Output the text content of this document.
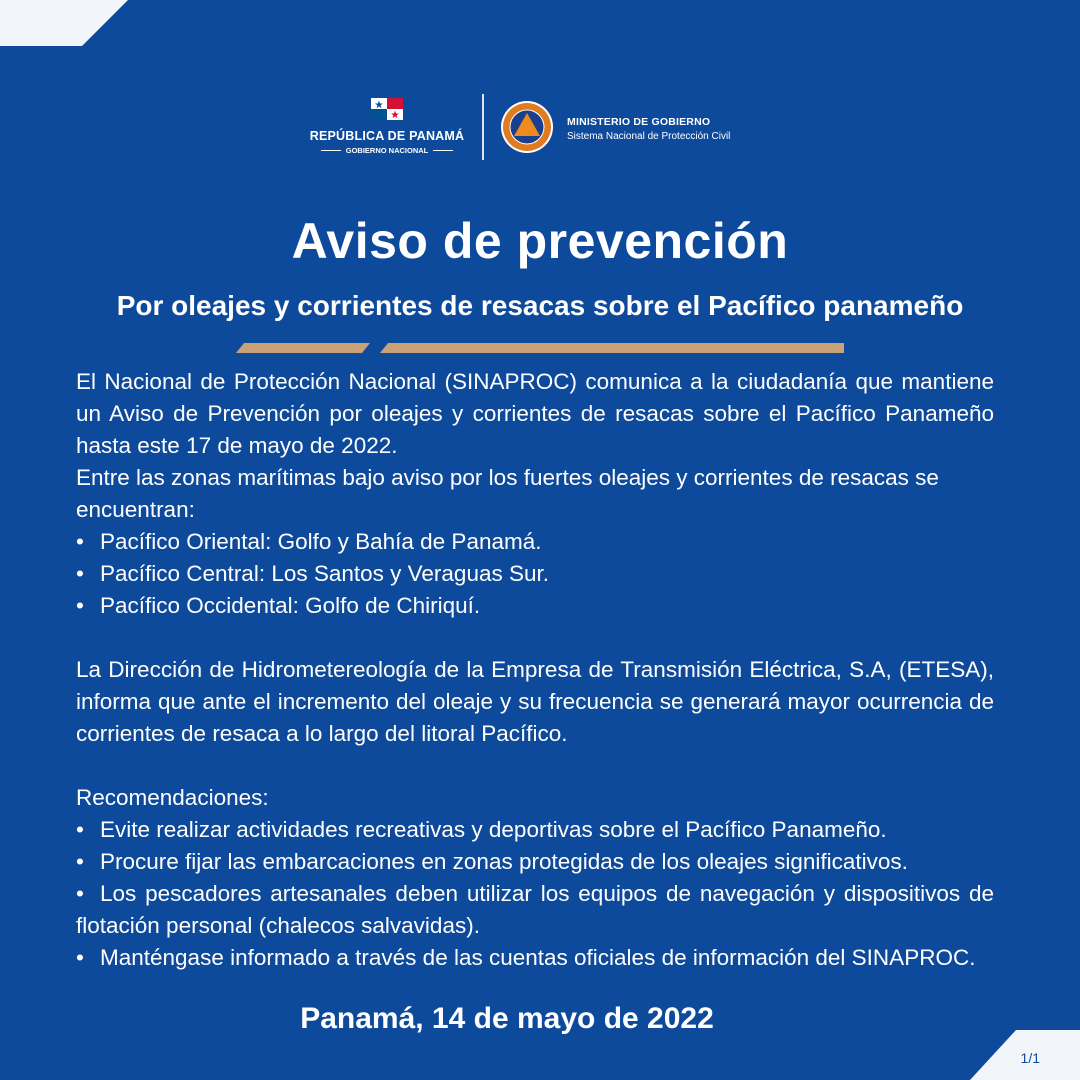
REPÚBLICA DE PANAMÁ
GOBIERNO NACIONAL
MINISTERIO DE GOBIERNO
Sistema Nacional de Protección Civil
Aviso de prevención
Por oleajes y corrientes de resacas sobre el Pacífico panameño

El Nacional de Protección Nacional (SINAPROC) comunica a la ciudadanía que mantiene un Aviso de Prevención por oleajes y corrientes de resacas sobre el Pacífico Panameño hasta este 17 de mayo de 2022.

Entre las zonas marítimas bajo aviso por los fuertes oleajes y corrientes de resacas se encuentran:

• Pacífico Oriental: Golfo y Bahía de Panamá.

• Pacífico Central: Los Santos y Veraguas Sur.

• Pacífico Occidental: Golfo de Chiriquí.

La Dirección de Hidrometereología de la Empresa de Transmisión Eléctrica, S.A, (ETESA), informa que ante el incremento del oleaje y su frecuencia se generará mayor ocurrencia de corrientes de resaca a lo largo del litoral Pacífico.

Recomendaciones:

• Evite realizar actividades recreativas y deportivas sobre el Pacífico Panameño.

• Procure fijar las embarcaciones en zonas protegidas de los oleajes significativos.

• Los pescadores artesanales deben utilizar los equipos de navegación y dispositivos de flotación personal (chalecos salvavidas).

• Manténgase informado a través de las cuentas oficiales de información del SINAPROC.

Panamá, 14 de mayo de 2022
1/1
